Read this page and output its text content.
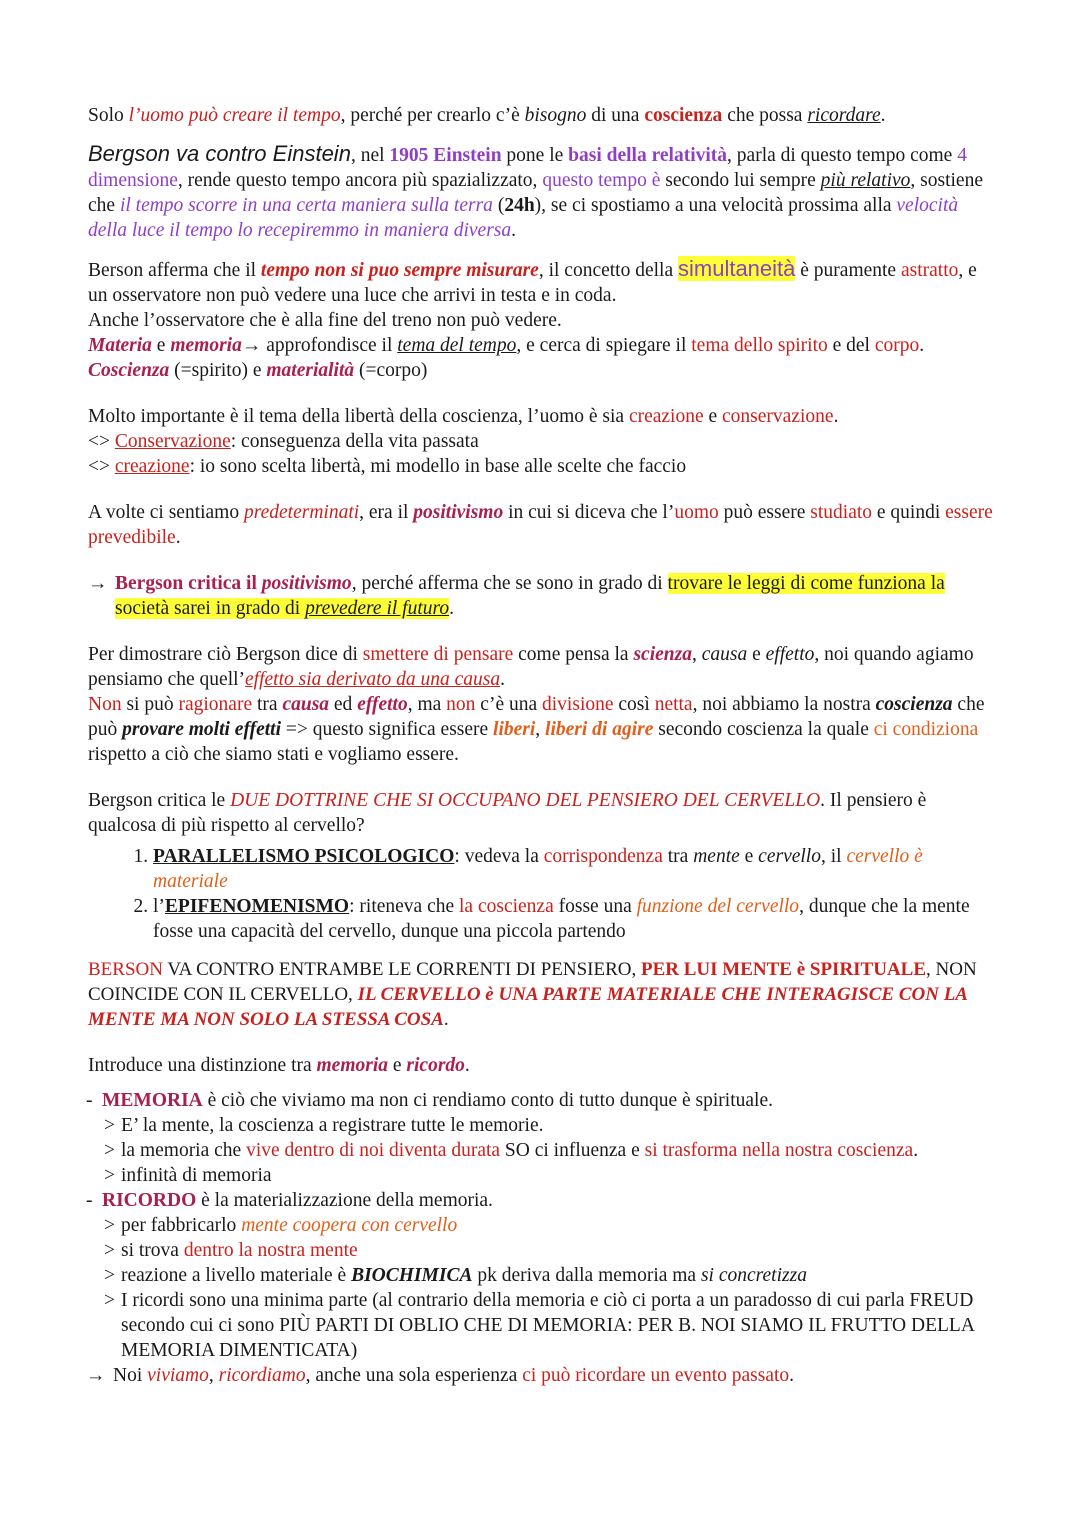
Solo l’uomo può creare il tempo, perché per crearlo c’è bisogno di una coscienza che possa ricordare.

Bergson va contro Einstein, nel 1905 Einstein pone le basi della relatività, parla di questo tempo come 4 dimensione, rende questo tempo ancora più spazializzato, questo tempo è secondo lui sempre più relativo, sostiene che il tempo scorre in una certa maniera sulla terra (24h), se ci spostiamo a una velocità prossima alla velocità della luce il tempo lo recepiremmo in maniera diversa.

Berson afferma che il tempo non si puo sempre misurare, il concetto della simultaneità è puramente astratto, e un osservatore non può vedere una luce che arrivi in testa e in coda.

Anche l’osservatore che è alla fine del treno non può vedere.

Materia e memoria→ approfondisce il tema del tempo, e cerca di spiegare il tema dello spirito e del corpo. Coscienza (=spirito) e materialità (=corpo)

Molto importante è il tema della libertà della coscienza, l’uomo è sia creazione e conservazione.

<> Conservazione: conseguenza della vita passata

<> creazione: io sono scelta libertà, mi modello in base alle scelte che faccio

A volte ci sentiamo predeterminati, era il positivismo in cui si diceva che l’uomo può essere studiato e quindi essere prevedibile.

→ Bergson critica il positivismo, perché afferma che se sono in grado di trovare le leggi di come funziona la società sarei in grado di prevedere il futuro.

Per dimostrare ciò Bergson dice di smettere di pensare come pensa la scienza, causa e effetto, noi quando agiamo pensiamo che quell’effetto sia derivato da una causa.

Non si può ragionare tra causa ed effetto, ma non c’è una divisione così netta, noi abbiamo la nostra coscienza che può provare molti effetti => questo significa essere liberi, liberi di agire secondo coscienza la quale ci condiziona rispetto a ciò che siamo stati e vogliamo essere.

Bergson critica le DUE DOTTRINE CHE SI OCCUPANO DEL PENSIERO DEL CERVELLO. Il pensiero è qualcosa di più rispetto al cervello?

1. PARALLELISMO PSICOLOGICO: vedeva la corrispondenza tra mente e cervello, il cervello è materiale
2. l’EPIFENOMENISMO: riteneva che la coscienza fosse una funzione del cervello, dunque che la mente fosse una capacità del cervello, dunque una piccola partendo

BERSON VA CONTRO ENTRAMBE LE CORRENTI DI PENSIERO, PER LUI MENTE è SPIRITUALE, NON COINCIDE CON IL CERVELLO, IL CERVELLO è UNA PARTE MATERIALE CHE INTERAGISCE CON LA MENTE MA NON SOLO LA STESSA COSA.

Introduce una distinzione tra memoria e ricordo.

- MEMORIA è ciò che viviamo ma non ci rendiamo conto di tutto dunque è spirituale.

> E’ la mente, la coscienza a registrare tutte le memorie.

> la memoria che vive dentro di noi diventa durata SO ci influenza e si trasforma nella nostra coscienza.

> infinità di memoria

- RICORDO è la materializzazione della memoria.

> per fabbricarlo mente coopera con cervello

> si trova dentro la nostra mente

> reazione a livello materiale è BIOCHIMICA pk deriva dalla memoria ma si concretizza

> I ricordi sono una minima parte (al contrario della memoria e ciò ci porta a un paradosso di cui parla FREUD secondo cui ci sono PIÙ PARTI DI OBLIO CHE DI MEMORIA: PER B. NOI SIAMO IL FRUTTO DELLA MEMORIA DIMENTICATA)

→ Noi viviamo, ricordiamo, anche una sola esperienza ci può ricordare un evento passato.
